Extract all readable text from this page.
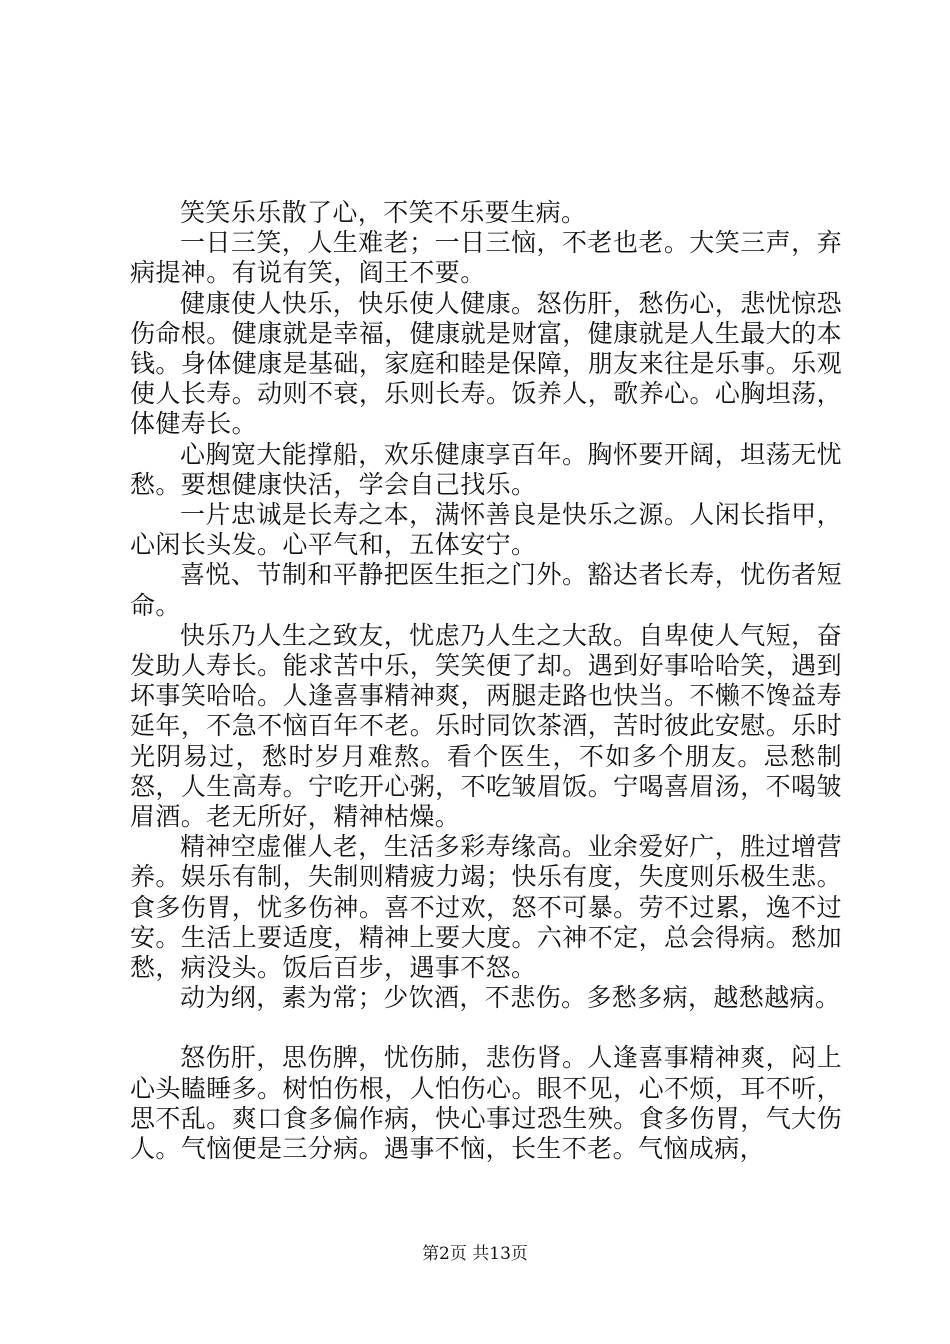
笑笑乐乐散了心，不笑不乐要生病。

一日三笑，人生难老；一日三恼，不老也老。大笑三声，弃病提神。有说有笑，阎王不要。

健康使人快乐，快乐使人健康。怒伤肝，愁伤心，悲忧惊恐伤命根。健康就是幸福，健康就是财富，健康就是人生最大的本钱。身体健康是基础，家庭和睦是保障，朋友来往是乐事。乐观使人长寿。动则不衰，乐则长寿。饭养人，歌养心。心胸坦荡，体健寿长。

心胸宽大能撑船，欢乐健康享百年。胸怀要开阔，坦荡无忧愁。要想健康快活，学会自己找乐。

一片忠诚是长寿之本，满怀善良是快乐之源。人闲长指甲，心闲长头发。心平气和，五体安宁。

喜悦、节制和平静把医生拒之门外。豁达者长寿，忧伤者短命。

快乐乃人生之致友，忧虑乃人生之大敌。自卑使人气短，奋发助人寿长。能求苦中乐，笑笑便了却。遇到好事哈哈笑，遇到坏事笑哈哈。人逢喜事精神爽，两腿走路也快当。不懒不馋益寿延年，不急不恼百年不老。乐时同饮茶酒，苦时彼此安慰。乐时光阴易过，愁时岁月难熬。看个医生，不如多个朋友。忌愁制怒，人生高寿。宁吃开心粥，不吃皱眉饭。宁喝喜眉汤，不喝皱眉酒。老无所好，精神枯燥。

精神空虚催人老，生活多彩寿缘高。业余爱好广，胜过增营养。娱乐有制，失制则精疲力竭；快乐有度，失度则乐极生悲。食多伤胃，忧多伤神。喜不过欢，怒不可暴。劳不过累，逸不过安。生活上要适度，精神上要大度。六神不定，总会得病。愁加愁，病没头。饭后百步，遇事不怒。

动为纲，素为常；少饮酒，不悲伤。多愁多病，越愁越病。

怒伤肝，思伤脾，忧伤肺，悲伤肾。人逢喜事精神爽，闷上心头瞌睡多。树怕伤根，人怕伤心。眼不见，心不烦，耳不听，思不乱。爽口食多偏作病，快心事过恐生殃。食多伤胃，气大伤人。气恼便是三分病。遇事不恼，长生不老。气恼成病，

第2页 共13页
